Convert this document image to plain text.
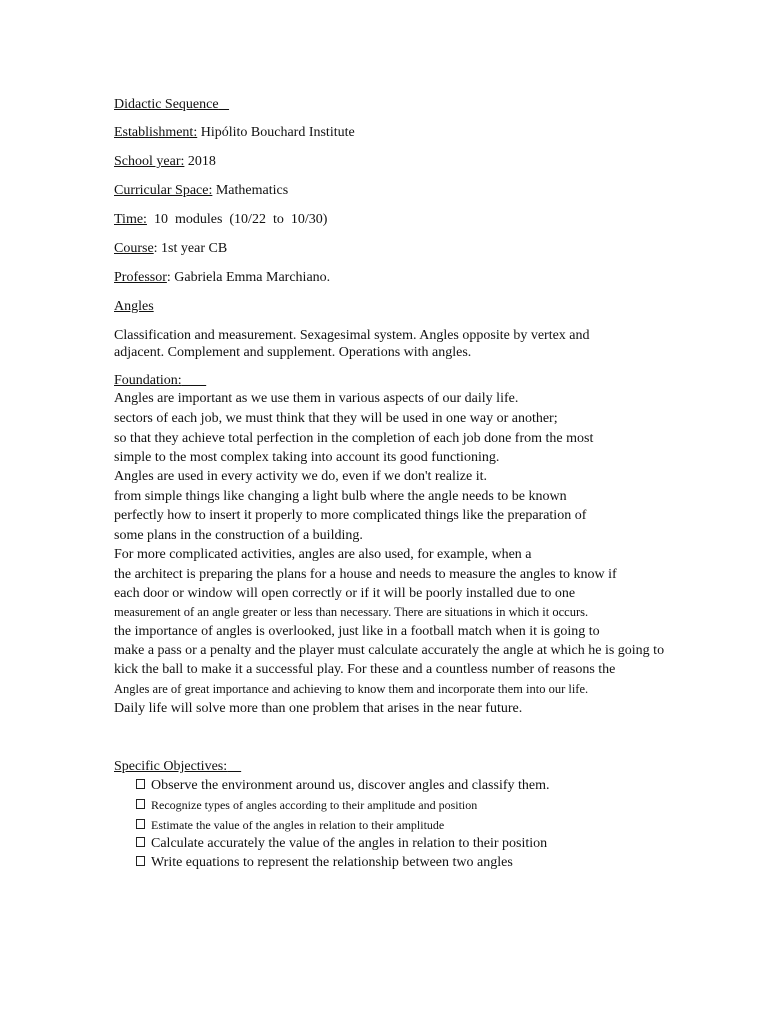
Didactic Sequence
Establishment: Hipólito Bouchard Institute
School year: 2018
Curricular Space: Mathematics
Time: 10  modules  (10/22  to  10/30)
Course: 1st year CB
Professor: Gabriela Emma Marchiano.
Angles
Classification and measurement. Sexagesimal system. Angles opposite by vertex and
adjacent. Complement and supplement. Operations with angles.
Foundation:
Angles are important as we use them in various aspects of our daily life.
sectors of each job, we must think that they will be used in one way or another;
so that they achieve total perfection in the completion of each job done from the most
simple to the most complex taking into account its good functioning.
Angles are used in every activity we do, even if we don't realize it.
from simple things like changing a light bulb where the angle needs to be known
perfectly how to insert it properly to more complicated things like the preparation of
some plans in the construction of a building.
For more complicated activities, angles are also used, for example, when a
the architect is preparing the plans for a house and needs to measure the angles to know if
each door or window will open correctly or if it will be poorly installed due to one
measurement of an angle greater or less than necessary. There are situations in which it occurs.
the importance of angles is overlooked, just like in a football match when it is going to
make a pass or a penalty and the player must calculate accurately the angle at which he is going to
kick the ball to make it a successful play. For these and a countless number of reasons the
Angles are of great importance and achieving to know them and incorporate them into our life.
Daily life will solve more than one problem that arises in the near future.
Specific Objectives:
Observe the environment around us, discover angles and classify them.
Recognize types of angles according to their amplitude and position
Estimate the value of the angles in relation to their amplitude
Calculate accurately the value of the angles in relation to their position
Write equations to represent the relationship between two angles
